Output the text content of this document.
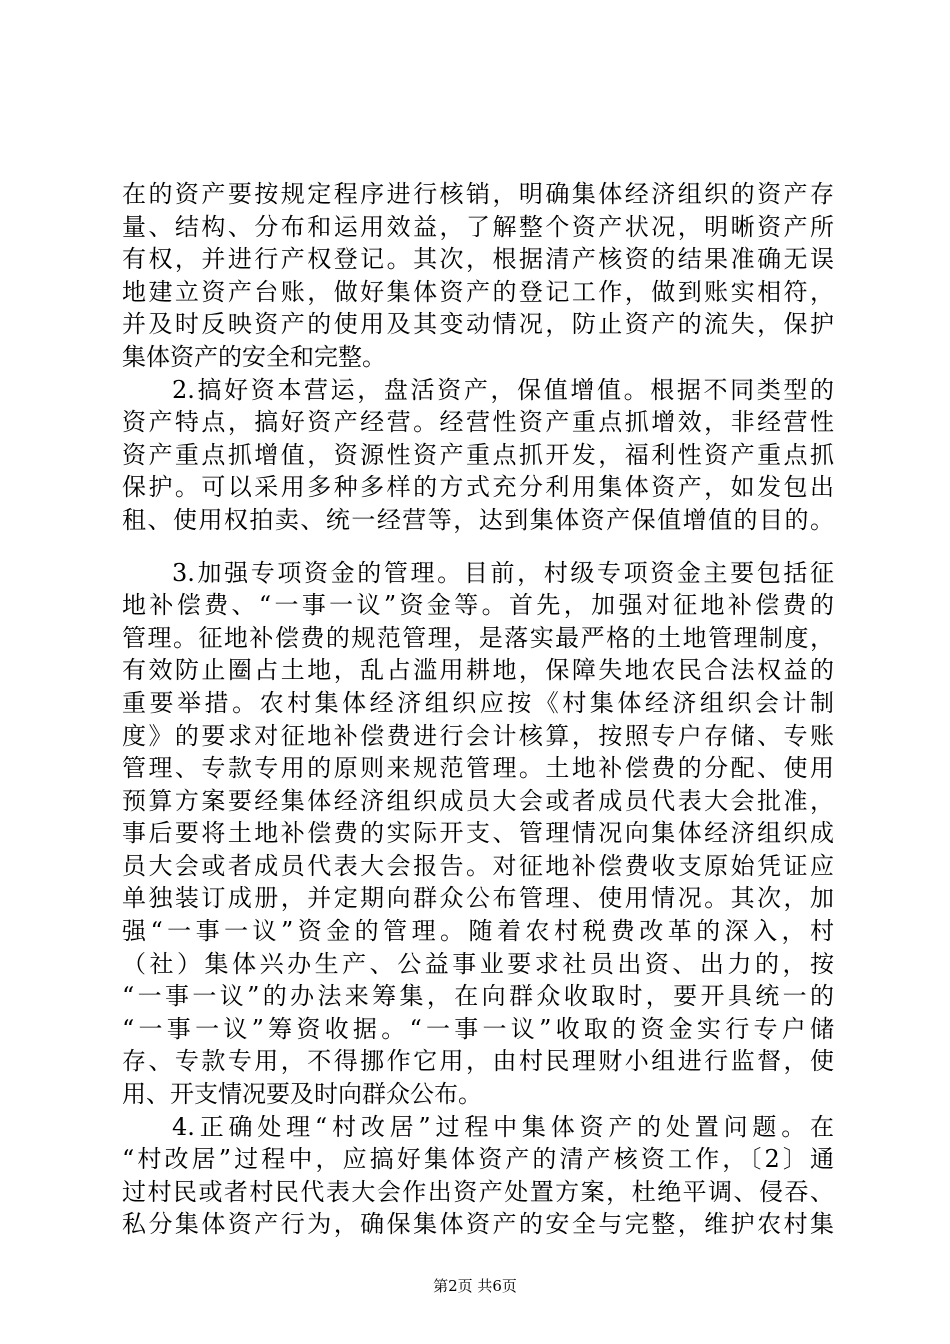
在的资产要按规定程序进行核销，明确集体经济组织的资产存
量、结构、分布和运用效益，了解整个资产状况，明晰资产所
有权，并进行产权登记。其次，根据清产核资的结果准确无误
地建立资产台账，做好集体资产的登记工作，做到账实相符，
并及时反映资产的使用及其变动情况，防止资产的流失，保护
集体资产的安全和完整。
2.搞好资本营运，盘活资产，保值增值。根据不同类型的
资产特点，搞好资产经营。经营性资产重点抓增效，非经营性
资产重点抓增值，资源性资产重点抓开发，福利性资产重点抓
保护。可以采用多种多样的方式充分利用集体资产，如发包出
租、使用权拍卖、统一经营等，达到集体资产保值增值的目的。
3.加强专项资金的管理。目前，村级专项资金主要包括征
地补偿费、“一事一议”资金等。首先，加强对征地补偿费的
管理。征地补偿费的规范管理，是落实最严格的土地管理制度，
有效防止圈占土地，乱占滥用耕地，保障失地农民合法权益的
重要举措。农村集体经济组织应按《村集体经济组织会计制
度》的要求对征地补偿费进行会计核算，按照专户存储、专账
管理、专款专用的原则来规范管理。土地补偿费的分配、使用
预算方案要经集体经济组织成员大会或者成员代表大会批准，
事后要将土地补偿费的实际开支、管理情况向集体经济组织成
员大会或者成员代表大会报告。对征地补偿费收支原始凭证应
单独装订成册，并定期向群众公布管理、使用情况。其次，加
强“一事一议”资金的管理。随着农村税费改革的深入，村
（社）集体兴办生产、公益事业要求社员出资、出力的，按
“一事一议”的办法来筹集，在向群众收取时，要开具统一的
“一事一议”筹资收据。“一事一议”收取的资金实行专户储
存、专款专用，不得挪作它用，由村民理财小组进行监督，使
用、开支情况要及时向群众公布。
4.正确处理“村改居”过程中集体资产的处置问题。在
“村改居”过程中，应搞好集体资产的清产核资工作，〔2〕通
过村民或者村民代表大会作出资产处置方案，杜绝平调、侵吞、
私分集体资产行为，确保集体资产的安全与完整，维护农村集
第2页 共6页
